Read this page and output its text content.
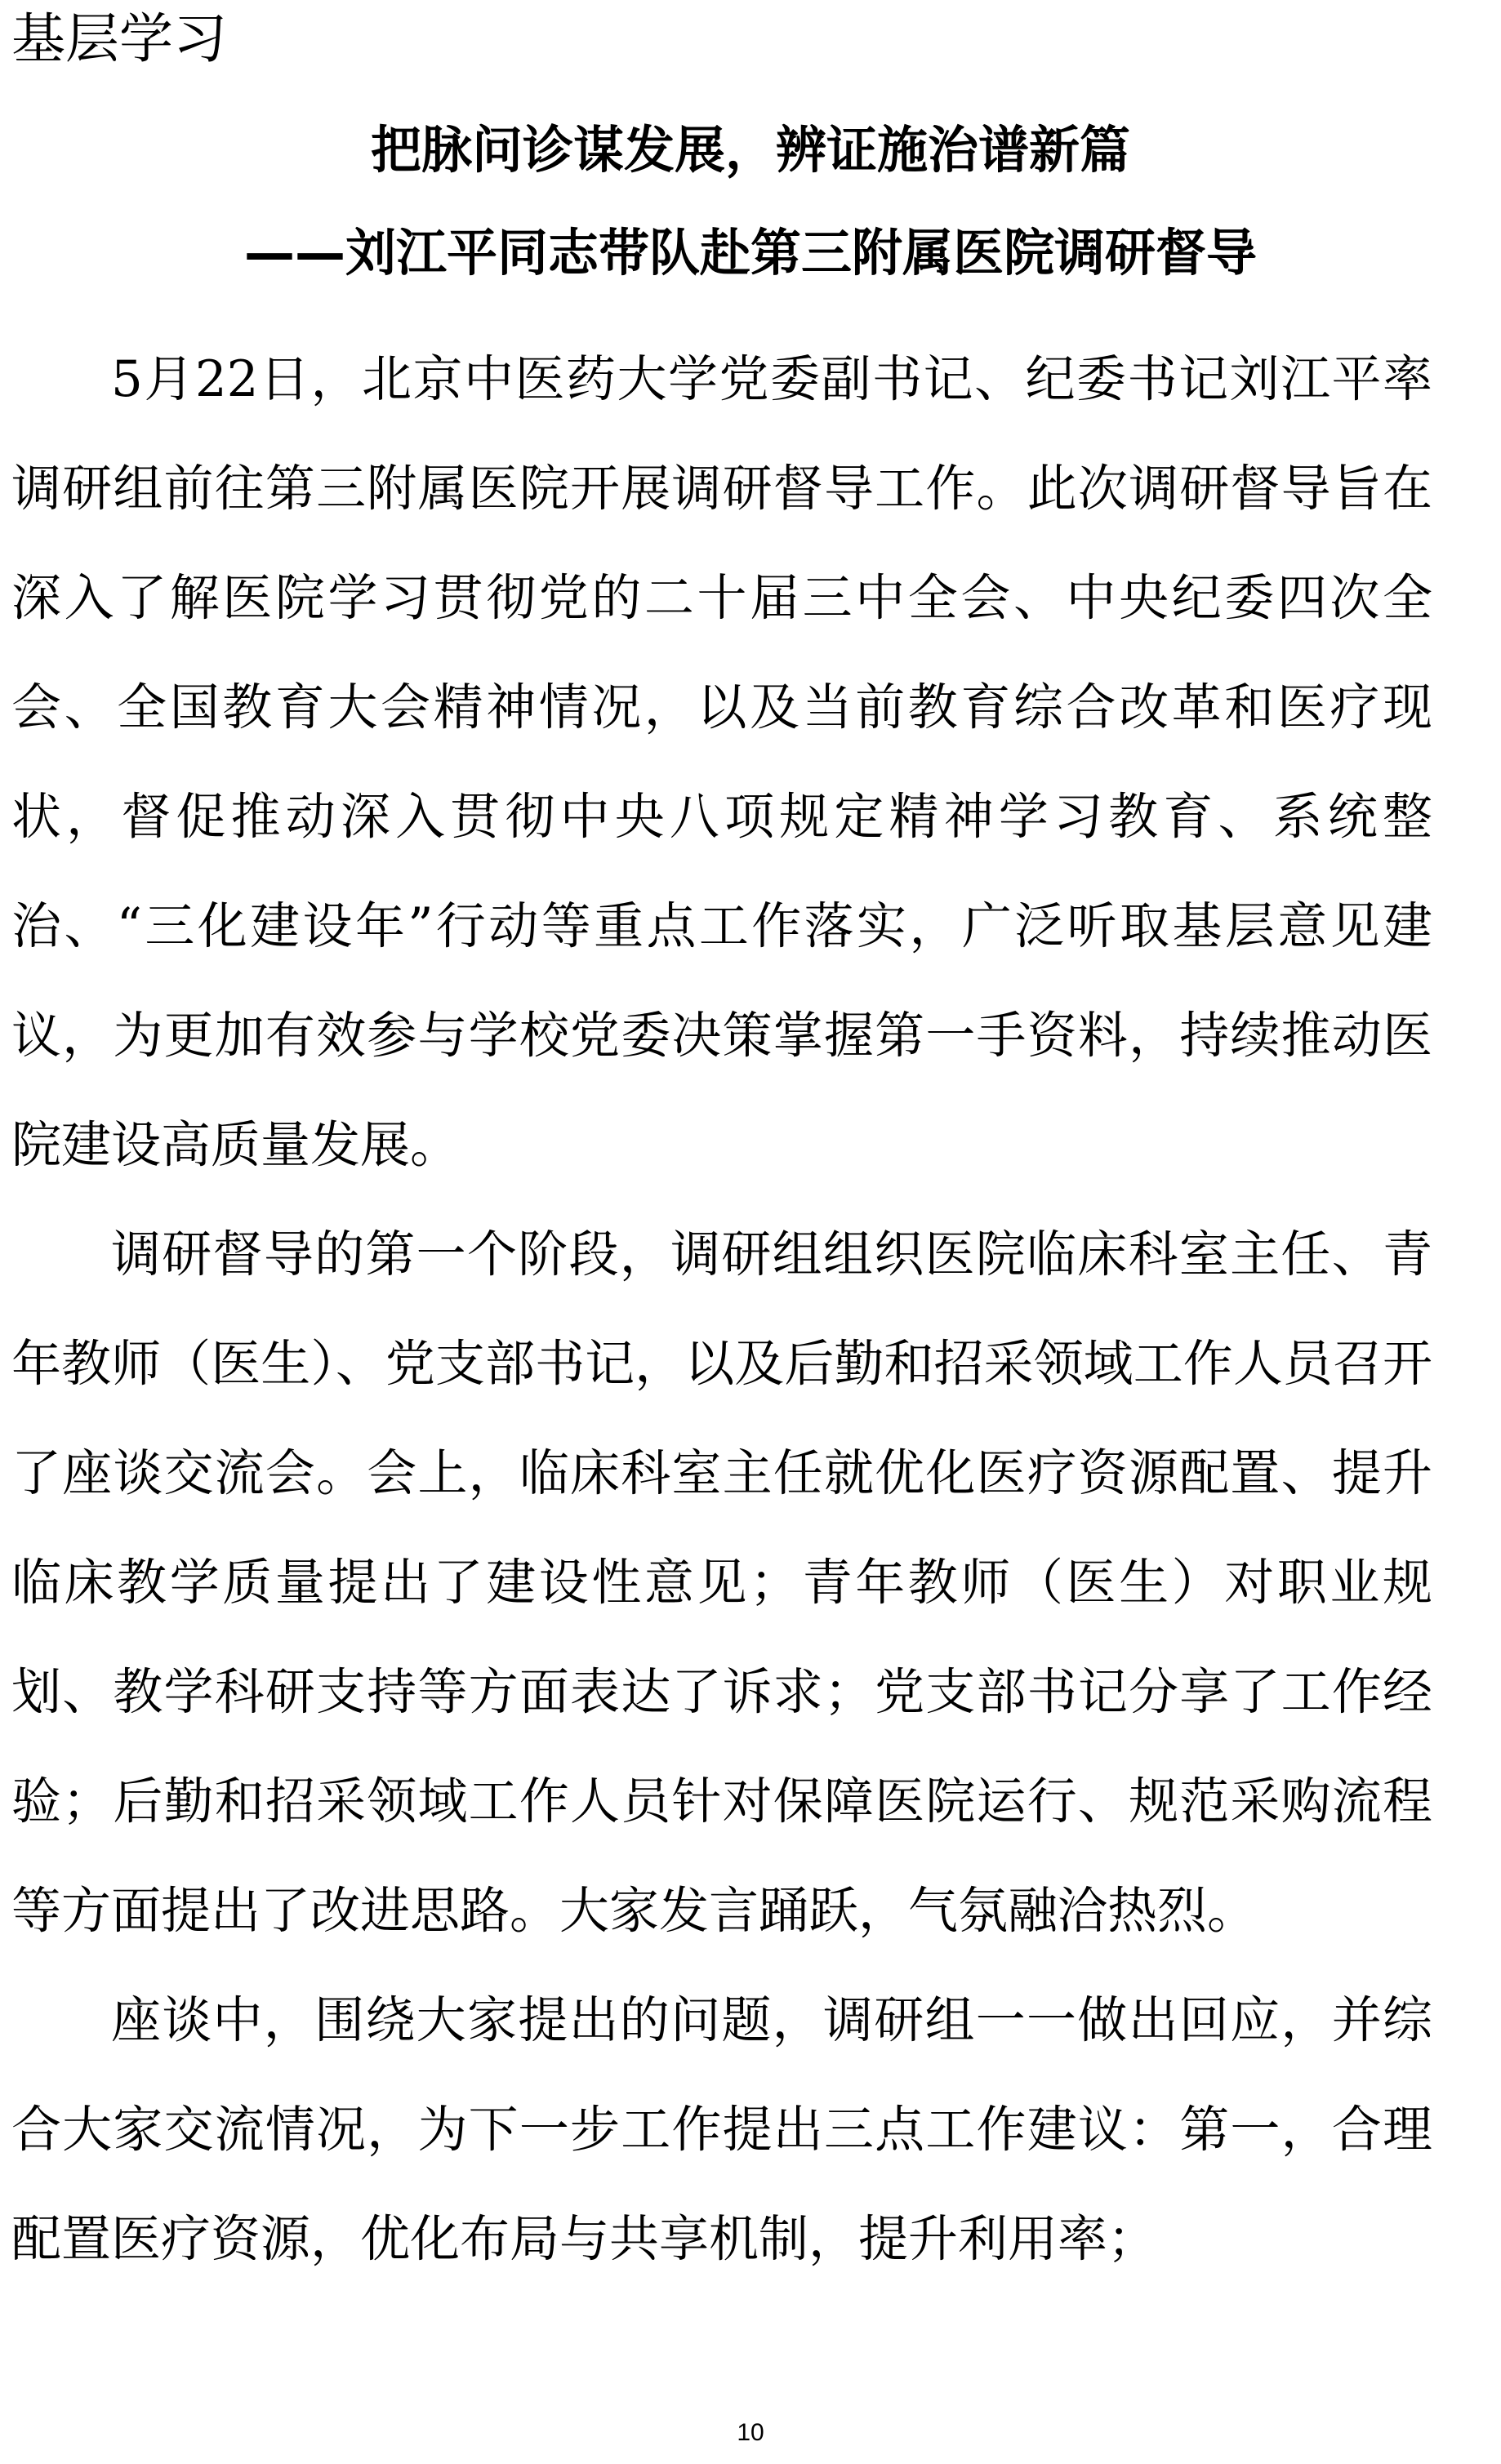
基层学习
把脉问诊谋发展，辨证施治谱新篇
——刘江平同志带队赴第三附属医院调研督导

5月22日，北京中医药大学党委副书记、纪委书记刘江平率调研组前往第三附属医院开展调研督导工作。此次调研督导旨在深入了解医院学习贯彻党的二十届三中全会、中央纪委四次全会、全国教育大会精神情况，以及当前教育综合改革和医疗现状，督促推动深入贯彻中央八项规定精神学习教育、系统整治、“三化建设年”行动等重点工作落实，广泛听取基层意见建议，为更加有效参与学校党委决策掌握第一手资料，持续推动医院建设高质量发展。

调研督导的第一个阶段，调研组组织医院临床科室主任、青年教师（医生）、党支部书记，以及后勤和招采领域工作人员召开了座谈交流会。会上，临床科室主任就优化医疗资源配置、提升临床教学质量提出了建设性意见；青年教师（医生）对职业规划、教学科研支持等方面表达了诉求；党支部书记分享了工作经验；后勤和招采领域工作人员针对保障医院运行、规范采购流程等方面提出了改进思路。大家发言踊跃，气氛融洽热烈。

座谈中，围绕大家提出的问题，调研组一一做出回应，并综合大家交流情况，为下一步工作提出三点工作建议：第一，合理配置医疗资源，优化布局与共享机制，提升利用率；

10
